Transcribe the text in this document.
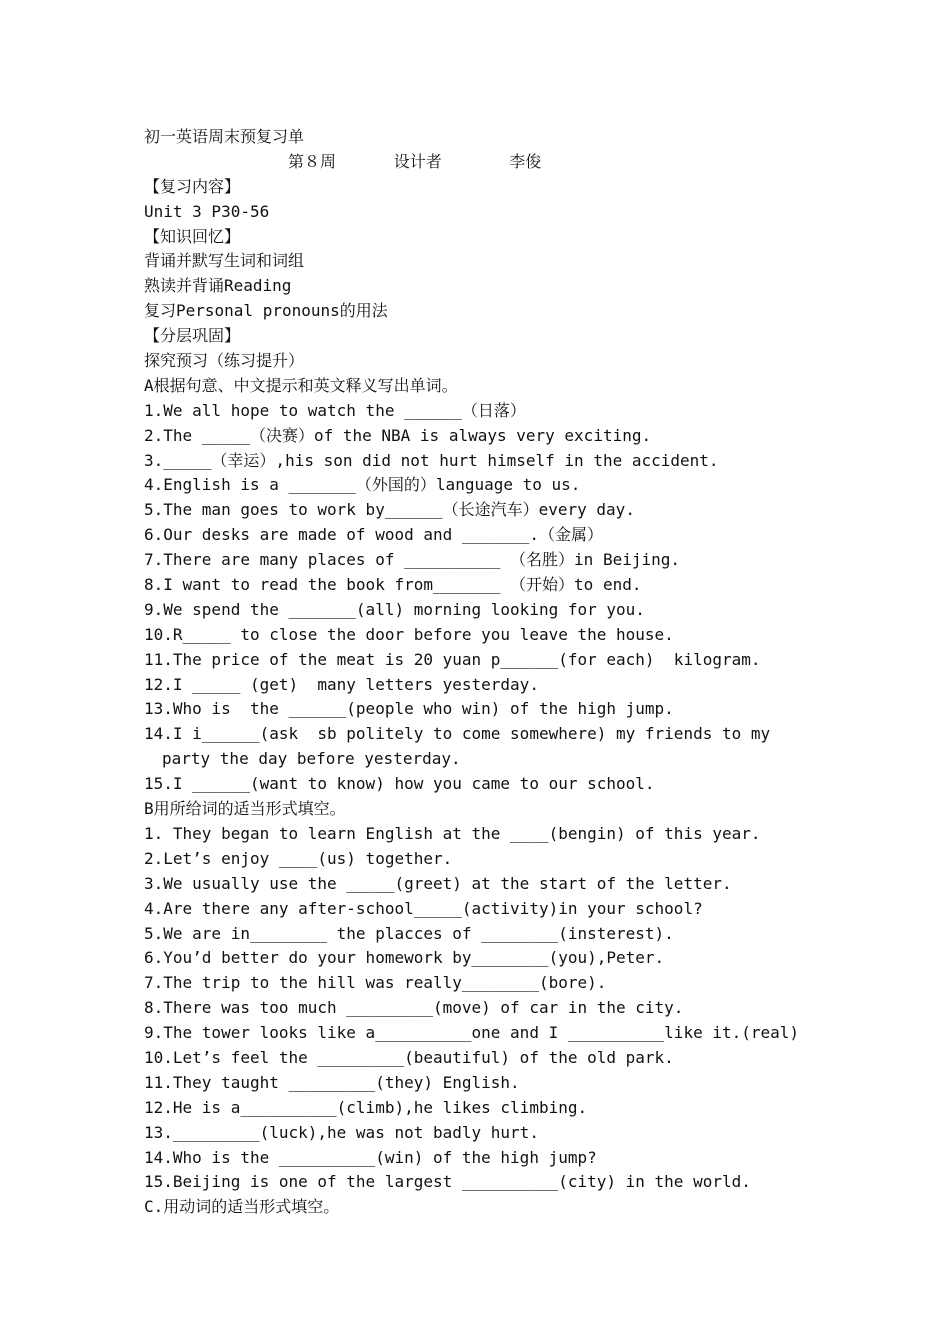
初一英语周末预复习单
第８周      设计者       李俊
【复习内容】
Unit 3 P30-56
【知识回忆】
背诵并默写生词和词组
熟读并背诵Reading
复习Personal pronouns的用法
【分层巩固】
探究预习（练习提升）
A根据句意、中文提示和英文释义写出单词。
1.We all hope to watch the ______（日落）
2.The _____（决赛）of the NBA is always very exciting.
3._____（幸运）,his son did not hurt himself in the accident.
4.English is a _______（外国的）language to us.
5.The man goes to work by______（长途汽车）every day.
6.Our desks are made of wood and _______.（金属）
7.There are many places of __________ （名胜）in Beijing.
8.I want to read the book from_______ （开始）to end.
9.We spend the _______(all) morning looking for you.
10.R_____ to close the door before you leave the house.
11.The price of the meat is 20 yuan p______(for each)  kilogram.
12.I _____ (get)  many letters yesterday.
13.Who is  the ______(people who win) of the high jump.
14.I i______(ask  sb politely to come somewhere) my friends to my
party the day before yesterday.
15.I ______(want to know) how you came to our school.
B用所给词的适当形式填空。
1. They began to learn English at the ____(bengin) of this year.
2.Let’s enjoy ____(us) together.
3.We usually use the _____(greet) at the start of the letter.
4.Are there any after-school_____(activity)in your school?
5.We are in________ the placces of ________(insterest).
6.You’d better do your homework by________(you),Peter.
7.The trip to the hill was really________(bore).
8.There was too much _________(move) of car in the city.
9.The tower looks like a__________one and I __________like it.(real)
10.Let’s feel the _________(beautiful) of the old park.
11.They taught _________(they) English.
12.He is a__________(climb),he likes climbing.
13._________(luck),he was not badly hurt.
14.Who is the __________(win) of the high jump?
15.Beijing is one of the largest __________(city) in the world.
C.用动词的适当形式填空。
